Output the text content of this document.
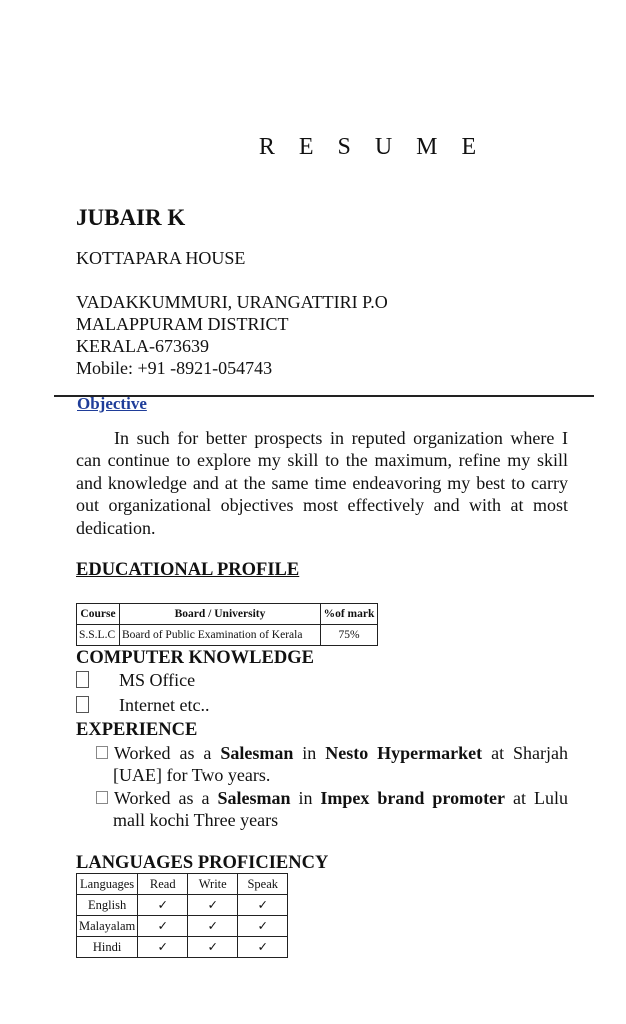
R E S U M E
JUBAIR K
KOTTAPARA HOUSE
VADAKKUMMURI, URANGATTIRI P.O
MALAPPURAM DISTRICT
KERALA-673639
Mobile: +91 -8921-054743
Objective
In such for better prospects in reputed organization where I can continue to explore my skill to the maximum, refine my skill and knowledge and at the same time endeavoring my best to carry out organizational objectives most effectively and with at most dedication.
EDUCATIONAL PROFILE
Course	Board / University	%of mark
S.S.L.C	Board of Public Examination of Kerala	75%
COMPUTER KNOWLEDGE
MS Office
Internet etc..
EXPERIENCE
Worked as a Salesman in Nesto Hypermarket at Sharjah
[UAE] for Two years.
Worked as a Salesman in Impex brand promoter at Lulu
mall kochi Three years
LANGUAGES PROFICIENCY
Languages	Read	Write	Speak
English	✓	✓	✓
Malayalam	✓	✓	✓
Hindi	✓	✓	✓
